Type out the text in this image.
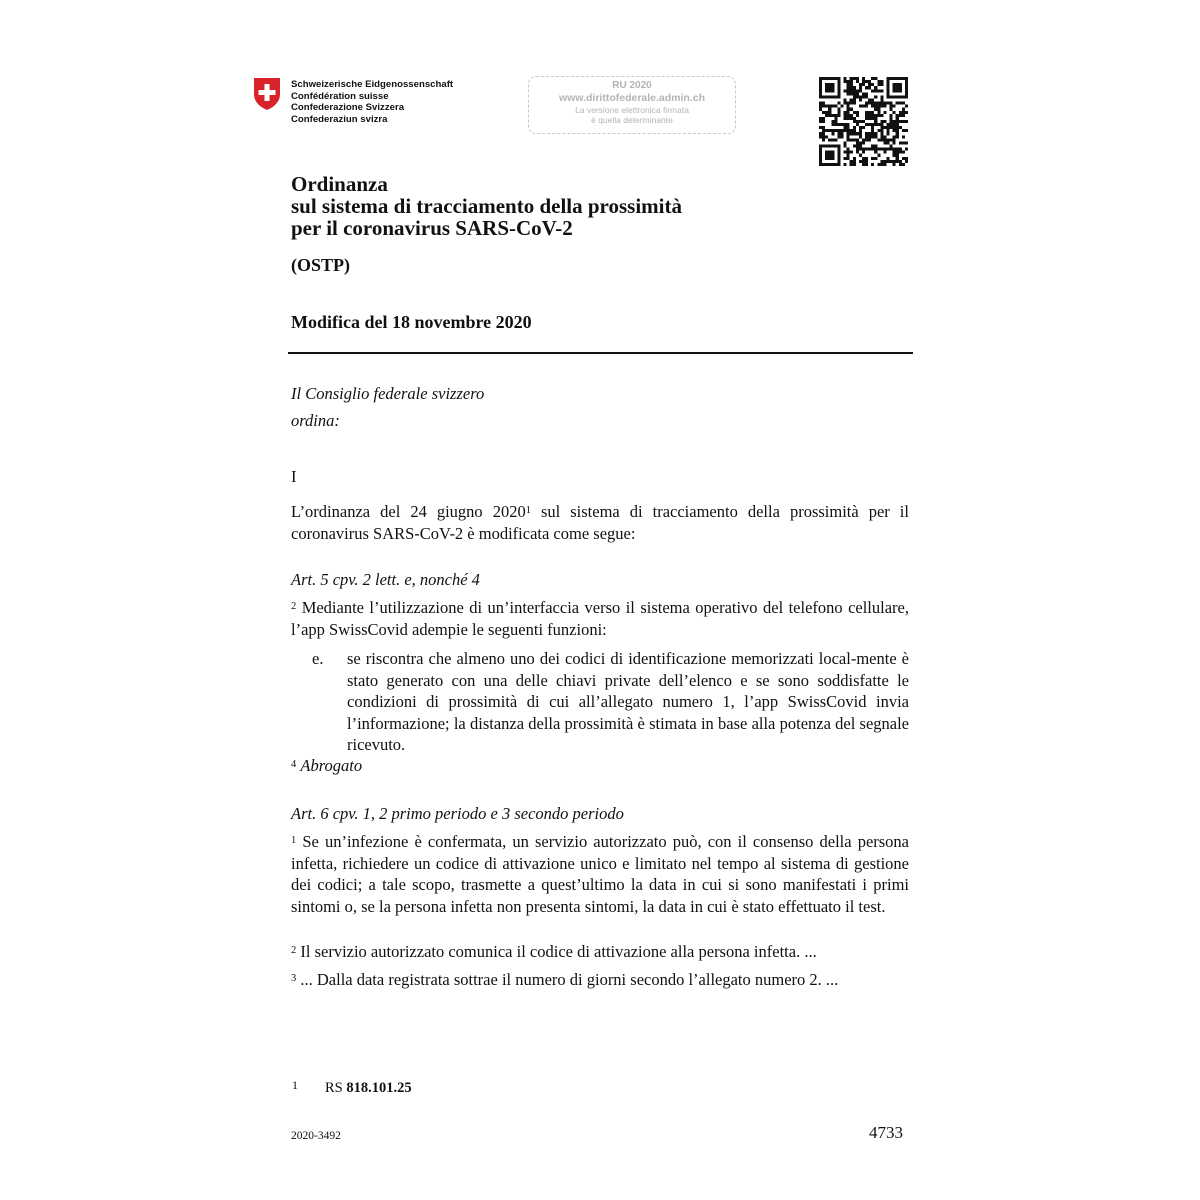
Schweizerische Eidgenossenschaft
Confédération suisse
Confederazione Svizzera
Confederaziun svizra
RU 2020
www.dirittofederale.admin.ch
La versione elettronica firmata
è quella determinante
Ordinanza
sul sistema di tracciamento della prossimità
per il coronavirus SARS-CoV-2
(OSTP)
Modifica del 18 novembre 2020
Il Consiglio federale svizzero
ordina:
I
L’ordinanza del 24 giugno 2020$^1$ sul sistema di tracciamento della prossimità per il coronavirus SARS-CoV-2 è modificata come segue:
Art. 5 cpv. 2 lett. e, nonché 4
$^2$ Mediante l’utilizzazione di un’interfaccia verso il sistema operativo del telefono cellulare, l’app SwissCovid adempie le seguenti funzioni:
e. se riscontra che almeno uno dei codici di identificazione memorizzati local-mente è stato generato con una delle chiavi private dell’elenco e se sono soddisfatte le condizioni di prossimità di cui all’allegato numero 1, l’app SwissCovid invia l’informazione; la distanza della prossimità è stimata in base alla potenza del segnale ricevuto.
$^4$ Abrogato
Art. 6 cpv. 1, 2 primo periodo e 3 secondo periodo
$^1$ Se un’infezione è confermata, un servizio autorizzato può, con il consenso della persona infetta, richiedere un codice di attivazione unico e limitato nel tempo al sistema di gestione dei codici; a tale scopo, trasmette a quest’ultimo la data in cui si sono manifestati i primi sintomi o, se la persona infetta non presenta sintomi, la data in cui è stato effettuato il test.
$^2$ Il servizio autorizzato comunica il codice di attivazione alla persona infetta. ...
$^3$ ... Dalla data registrata sottrae il numero di giorni secondo l’allegato numero 2. ...
1 RS 818.101.25
2020-3492	4733
